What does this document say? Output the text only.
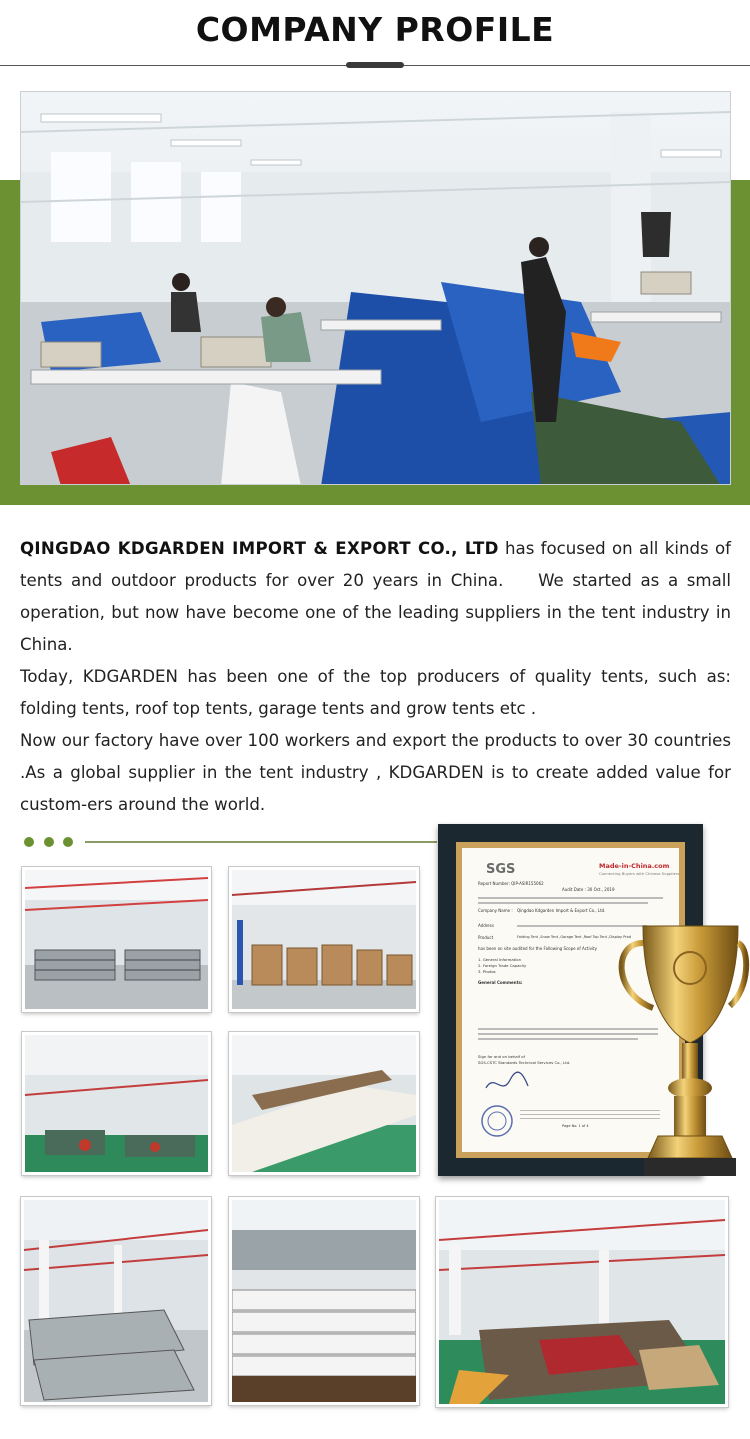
COMPANY PROFILE

QINGDAO KDGARDEN IMPORT & EXPORT CO., LTD has focused on all kinds of tents and outdoor products for over 20 years in China.    We started as a small operation, but now have become one of the leading suppliers in the tent industry in China.

Today, KDGARDEN has been one of the top producers of quality tents, such as: folding tents, roof top tents, garage tents and grow tents etc .

Now our factory have over 100 workers and export the products to over 30 countries .As a global supplier in the tent industry , KDGARDEN is to create added value for custom-ers around the world.

SGS	Made-in-China.com
Connecting Buyers with Chinese Suppliers
Report Number: QIP-ASIR155062
Audit Date : 30 Oct., 2019
Company Name : Qingdao Kdgarden Import & Export Co., Ltd.
Address
Product	Folding Tent ,Snow Tent ,Garage Tent ,Roof Top Tent ,Display Prod
has been on site audited for the Following Scope of Activity
1. General Information
2. Foreign Trade Capacity
3. Photos
General Comments:
Sign for and on behalf of
SGS-CSTC Standards Technical Services Co., Ltd.
Page No. 1 of 4
